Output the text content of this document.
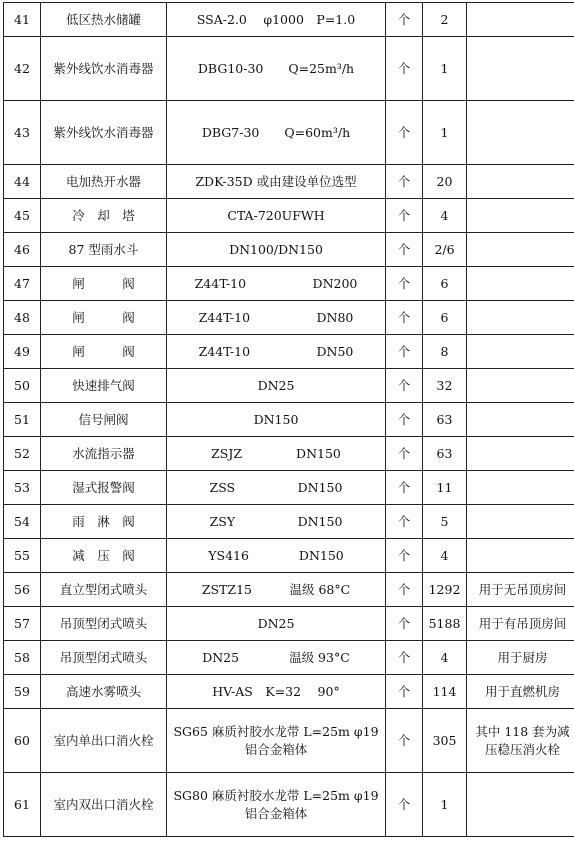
41	低区热水储罐	SSA-2.0　 φ1000　P=1.0	个	2	
42	紫外线饮水消毒器	DBG10-30　　Q=25m³/h	个	1	
43	紫外线饮水消毒器	DBG7-30　　Q=60m³/h	个	1	
44	电加热开水器	ZDK-35D 或由建设单位选型	个	20	
45	冷　却　塔	CTA-720UFWH	个	4	
46	87 型雨水斗	DN100/DN150	个	2/6	
47	闸　　　阀	Z44T-10　　　　　 DN200	个	6	
48	闸　　　阀	Z44T-10　　　　　 DN80	个	6	
49	闸　　　阀	Z44T-10　　　　　 DN50	个	8	
50	快速排气阀	DN25	个	32	
51	信号闸阀	DN150	个	63	
52	水流指示器	ZSJZ　　　　 DN150	个	63	
53	湿式报警阀	ZSS　　　　　DN150	个	11	
54	雨　淋　阀	ZSY　　　　　DN150	个	5	
55	减　压　阀	YS416　　　　DN150	个	4	
56	直立型闭式喷头	ZSTZ15　　　温级 68°C	个	1292	用于无吊顶房间
57	吊顶型闭式喷头	DN25	个	5188	用于有吊顶房间
58	吊顶型闭式喷头	DN25　　　　温级 93°C	个	4	用于厨房
59	高速水雾喷头	HV-AS　K=32　 90°	个	114	用于直燃机房
60	室内单出口消火栓	SG65 麻质衬胶水龙带 L=25m φ19 铝合金箱体	个	305	其中 118 套为减压稳压消火栓
61	室内双出口消火栓	SG80 麻质衬胶水龙带 L=25m φ19 铝合金箱体	个	1	
